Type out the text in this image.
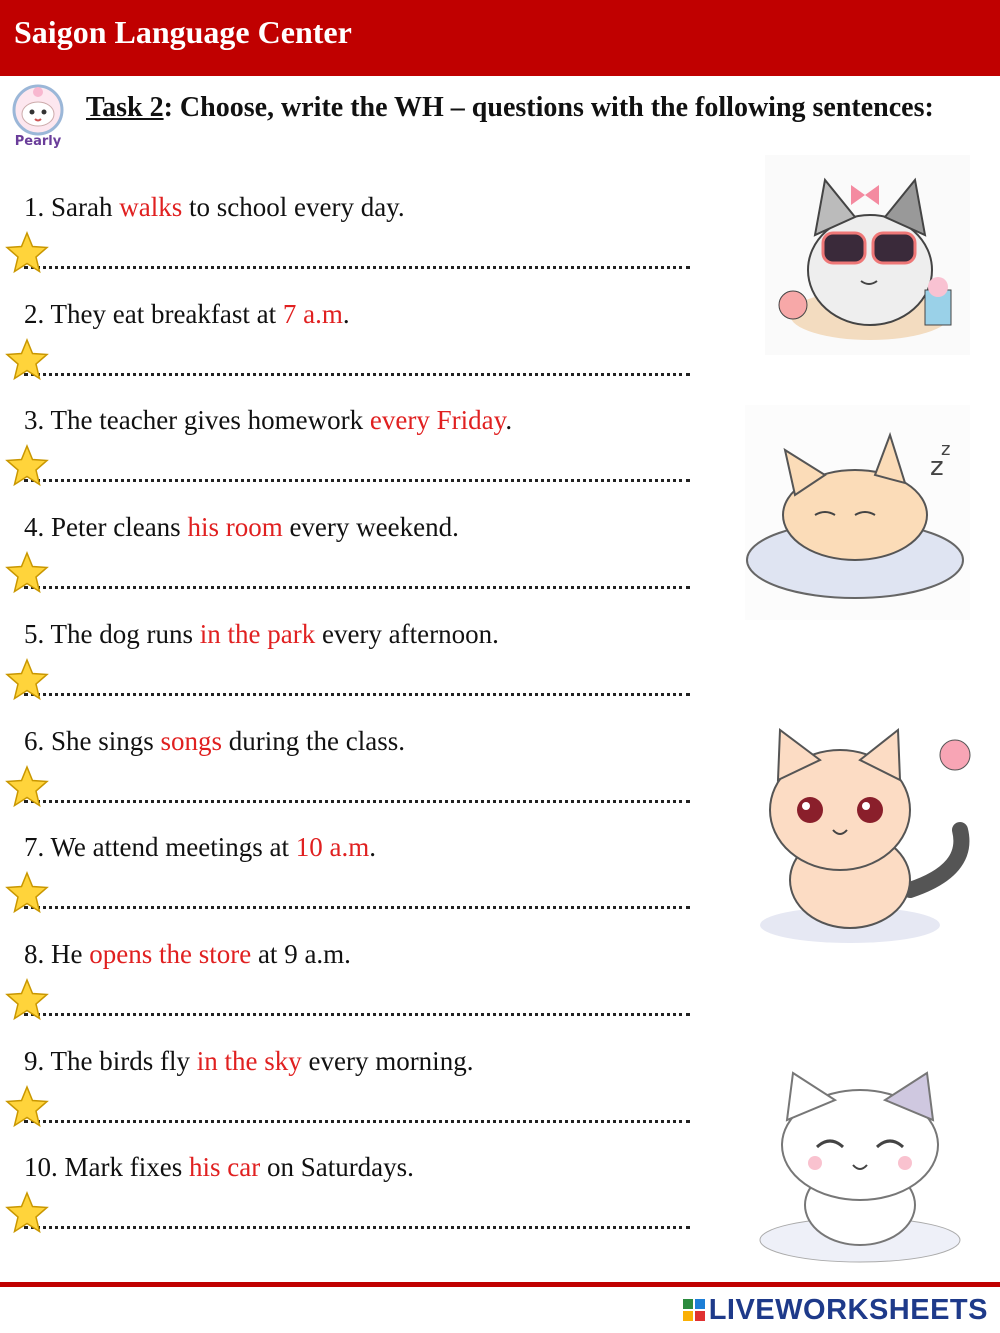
Saigon Language Center
Pearly
Task 2: Choose, write the WH – questions with the following sentences:
1. Sarah walks to school every day.
2. They eat breakfast at 7 a.m.
3. The teacher gives homework every Friday.
4. Peter cleans his room every weekend.
5. The dog runs in the park every afternoon.
6. She sings songs during the class.
7. We attend meetings at 10 a.m.
8. He opens the store at 9 a.m.
9. The birds fly in the sky every morning.
10. Mark fixes his car on Saturdays.
z
z
LIVEWORKSHEETS
